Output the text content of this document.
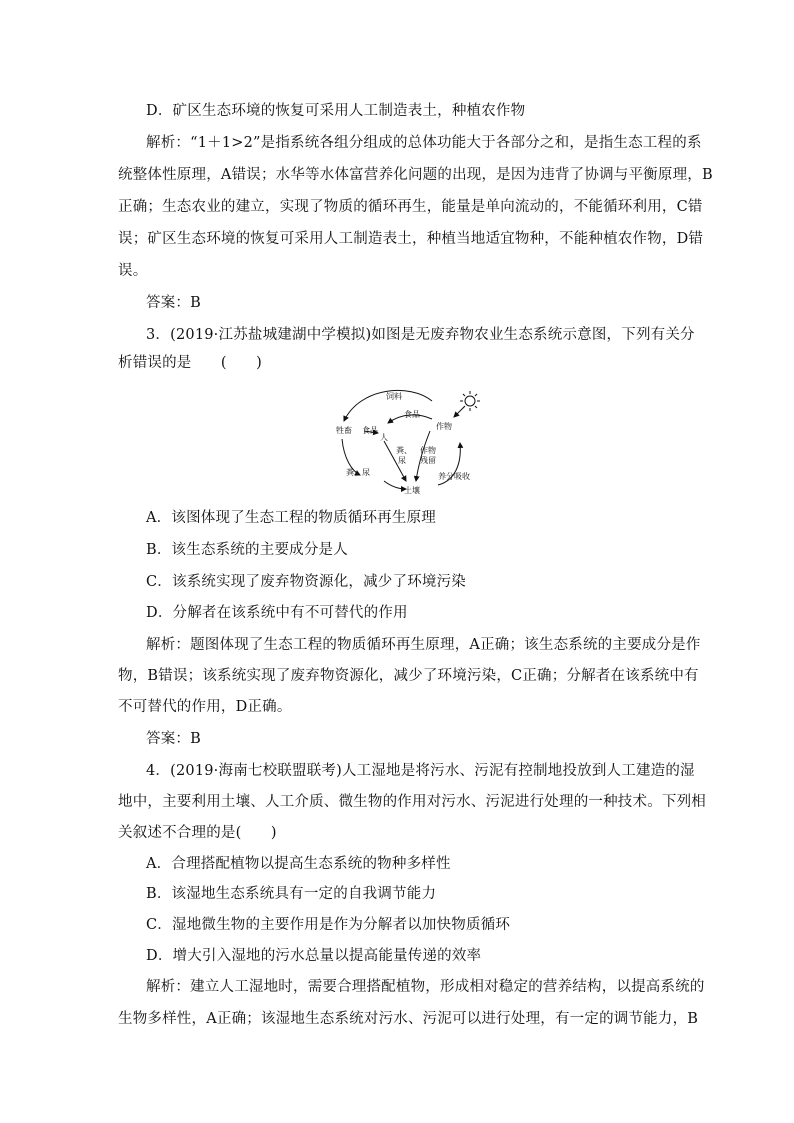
D．矿区生态环境的恢复可采用人工制造表土，种植农作物
解析：“1＋1>2”是指系统各组分组成的总体功能大于各部分之和，是指生态工程的系
统整体性原理，A错误；水华等水体富营养化问题的出现，是因为违背了协调与平衡原理，B
正确；生态农业的建立，实现了物质的循环再生，能量是单向流动的，不能循环利用，C错
误；矿区生态环境的恢复可采用人工制造表土，种植当地适宜物种，不能种植农作物，D错
误。
答案：B
3．(2019·江苏盐城建湖中学模拟)如图是无废弃物农业生态系统示意图，下列有关分
析错误的是　　(　　)
饲料
食品
牲畜 食品
人
作物
粪、
尿
作物
残留
粪、尿
土壤
养分吸收
A．该图体现了生态工程的物质循环再生原理
B．该生态系统的主要成分是人
C．该系统实现了废弃物资源化，减少了环境污染
D．分解者在该系统中有不可替代的作用
解析：题图体现了生态工程的物质循环再生原理，A正确；该生态系统的主要成分是作
物，B错误；该系统实现了废弃物资源化，减少了环境污染，C正确；分解者在该系统中有
不可替代的作用，D正确。
答案：B
4．(2019·海南七校联盟联考)人工湿地是将污水、污泥有控制地投放到人工建造的湿
地中，主要利用土壤、人工介质、微生物的作用对污水、污泥进行处理的一种技术。下列相
关叙述不合理的是(　　)
A．合理搭配植物以提高生态系统的物种多样性
B．该湿地生态系统具有一定的自我调节能力
C．湿地微生物的主要作用是作为分解者以加快物质循环
D．增大引入湿地的污水总量以提高能量传递的效率
解析：建立人工湿地时，需要合理搭配植物，形成相对稳定的营养结构，以提高系统的
生物多样性，A正确；该湿地生态系统对污水、污泥可以进行处理，有一定的调节能力，B
